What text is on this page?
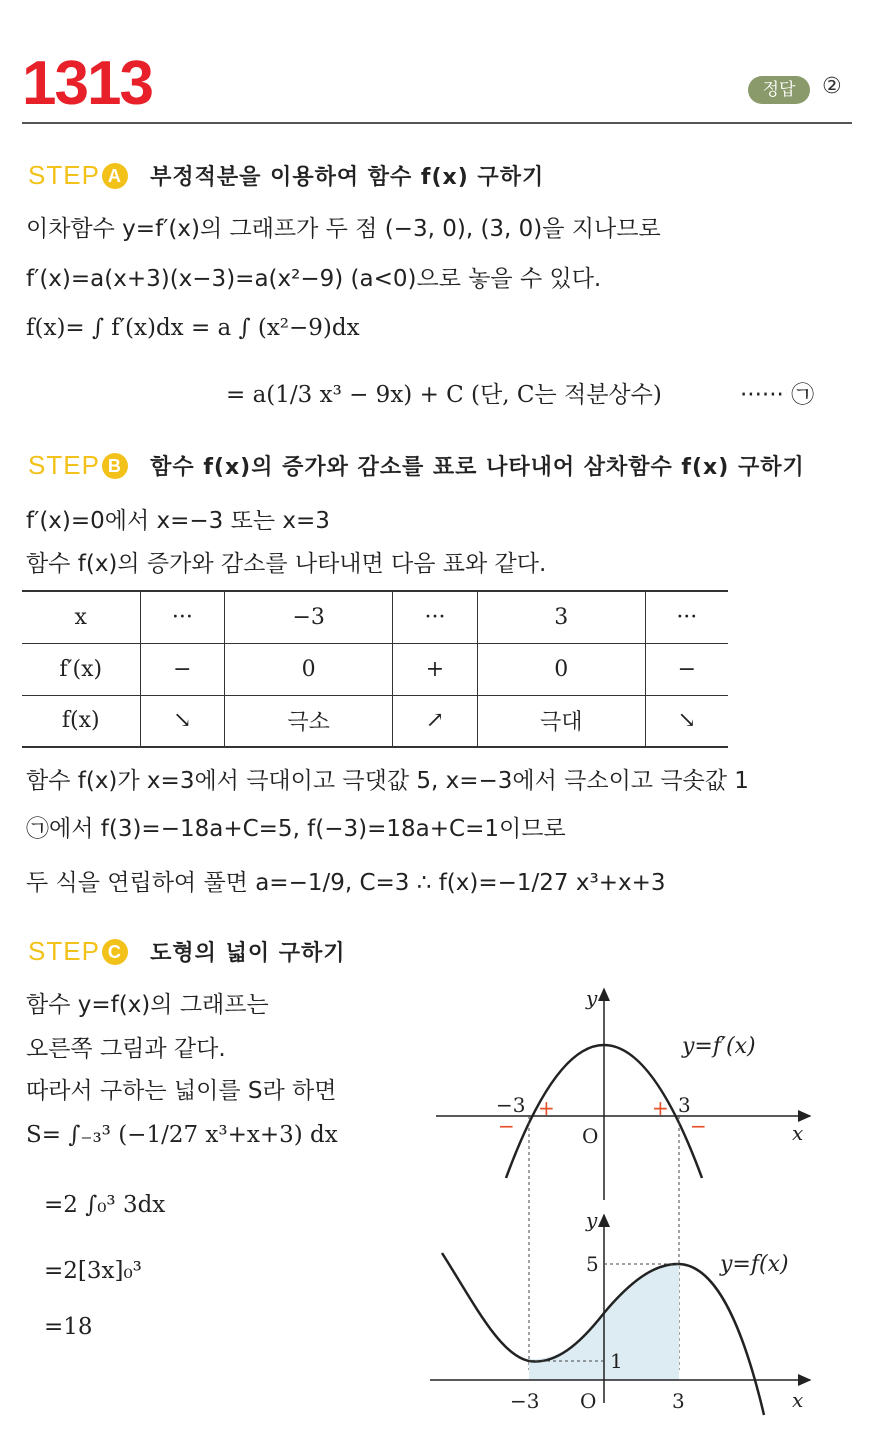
1313	정답	②
STEP A 부정적분을 이용하여 함수 f(x) 구하기
이차함수 y=f′(x)의 그래프가 두 점 (−3, 0), (3, 0)을 지나므로
f′(x)=a(x+3)(x−3)=a(x²−9) (a<0)으로 놓을 수 있다.
f(x)= ∫ f′(x)dx = a ∫ (x²−9)dx
= a(1/3 x³ − 9x) + C (단, C는 적분상수)	······ ㉠
STEP B 함수 f(x)의 증가와 감소를 표로 나타내어 삼차함수 f(x) 구하기
f′(x)=0에서 x=−3 또는 x=3
함수 f(x)의 증가와 감소를 나타내면 다음 표와 같다.
x	···	−3	···	3	···
f′(x)	−	0	+	0	−
f(x)	↘	극소	↗	극대	↘
함수 f(x)가 x=3에서 극대이고 극댓값 5, x=−3에서 극소이고 극솟값 1
㉠에서 f(3)=−18a+C=5, f(−3)=18a+C=1이므로
두 식을 연립하여 풀면 a=−1/9, C=3 ∴ f(x)=−1/27 x³+x+3
STEP C 도형의 넓이 구하기
함수 y=f(x)의 그래프는
오른쪽 그림과 같다.
따라서 구하는 넓이를 S라 하면
S= ∫₋₃³ (−1/27 x³+x+3) dx
=2 ∫₀³ 3dx
=2[3x]₀³
=18
y=f′(x)
y
x
O
−3	3
+	+
−	−
y=f(x)
y
x
O
−3	3
5
1
